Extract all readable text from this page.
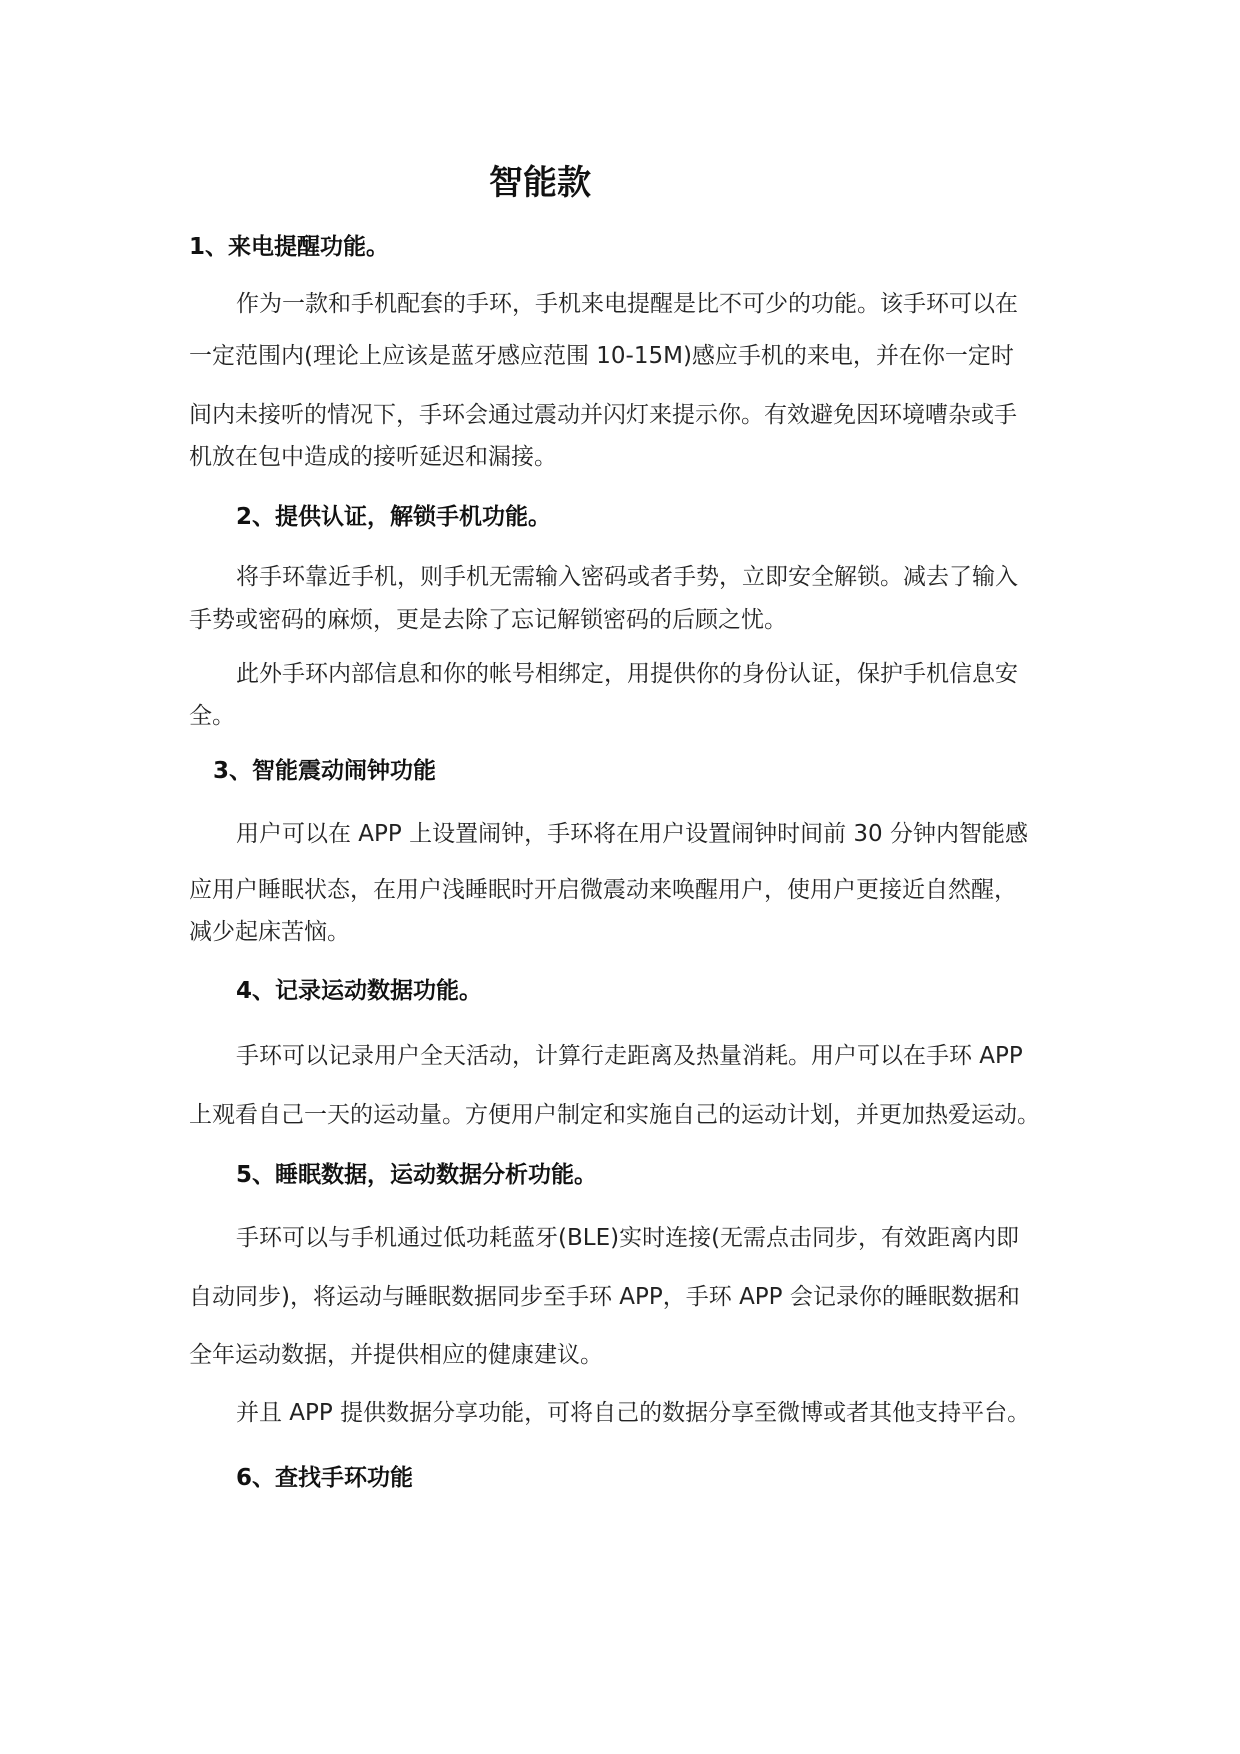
智能款
1、来电提醒功能。
作为一款和手机配套的手环，手机来电提醒是比不可少的功能。该手环可以在
一定范围内(理论上应该是蓝牙感应范围 10-15M)感应手机的来电，并在你一定时
间内未接听的情况下，手环会通过震动并闪灯来提示你。有效避免因环境嘈杂或手
机放在包中造成的接听延迟和漏接。
2、提供认证，解锁手机功能。
将手环靠近手机，则手机无需输入密码或者手势，立即安全解锁。减去了输入
手势或密码的麻烦，更是去除了忘记解锁密码的后顾之忧。
此外手环内部信息和你的帐号相绑定，用提供你的身份认证，保护手机信息安
全。
3、智能震动闹钟功能
用户可以在 APP 上设置闹钟，手环将在用户设置闹钟时间前 30 分钟内智能感
应用户睡眠状态，在用户浅睡眠时开启微震动来唤醒用户，使用户更接近自然醒，
减少起床苦恼。
4、记录运动数据功能。
手环可以记录用户全天活动，计算行走距离及热量消耗。用户可以在手环 APP
上观看自己一天的运动量。方便用户制定和实施自己的运动计划，并更加热爱运动。
5、睡眠数据，运动数据分析功能。
手环可以与手机通过低功耗蓝牙(BLE)实时连接(无需点击同步，有效距离内即
自动同步)，将运动与睡眠数据同步至手环 APP，手环 APP 会记录你的睡眠数据和
全年运动数据，并提供相应的健康建议。
并且 APP 提供数据分享功能，可将自己的数据分享至微博或者其他支持平台。
6、查找手环功能
